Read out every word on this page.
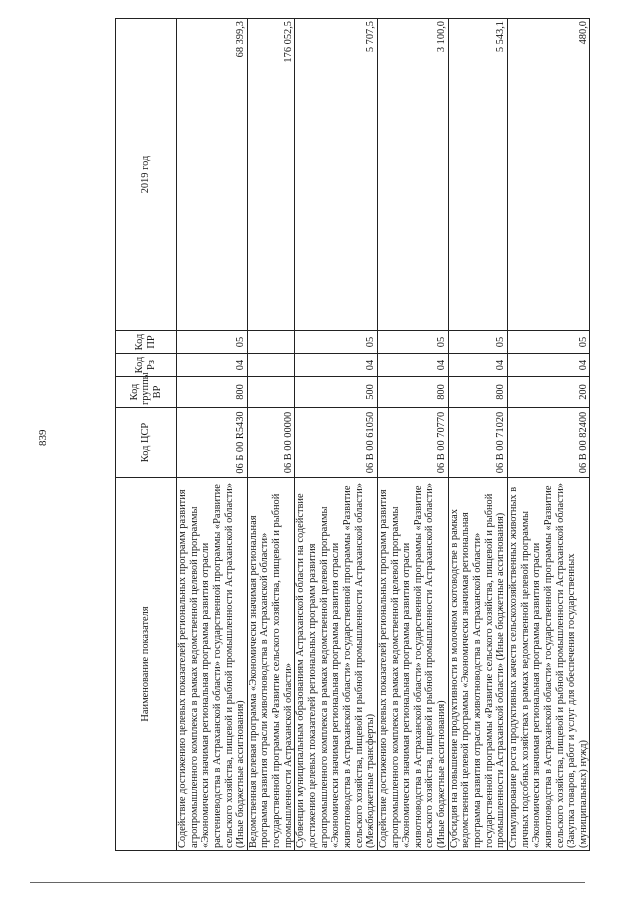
839
Наименование показателя	Код ЦСР	Код группы ВР	Код Рз	Код ПР	2019 год
Содействие достижению целевых показателей региональных программ развития агропромышленного комплекса в рамках ведомственной целевой программы «Экономически значимая региональная программа развития отрасли растениеводства в Астраханской области» государственной программы «Развитие сельского хозяйства, пищевой и рыбной промышленности Астраханской области» (Иные бюджетные ассигнования)	06 Б 00 R5430	800	04	05	68 399,3
Ведомственная целевая программа «Экономически значимая региональная программа развития отрасли животноводства в Астраханской области» государственной программы «Развитие сельского хозяйства, пищевой и рыбной промышленности Астраханской области»	06 В 00 00000				176 052,5
Субвенции муниципальным образованиям Астраханской области на содействие достижению целевых показателей региональных программ развития агропромышленного комплекса в рамках ведомственной целевой программы «Экономически значимая региональная программа развития отрасли животноводства в Астраханской области» государственной программы «Развитие сельского хозяйства, пищевой и рыбной промышленности Астраханской области» (Межбюджетные трансферты)	06 В 00 61050	500	04	05	5 707,5
Содействие достижению целевых показателей региональных программ развития агропромышленного комплекса в рамках ведомственной целевой программы «Экономически значимая региональная программа развития отрасли животноводства в Астраханской области» государственной программы «Развитие сельского хозяйства, пищевой и рыбной промышленности Астраханской области» (Иные бюджетные ассигнования)	06 В 00 70770	800	04	05	3 100,0
Субсидия на повышение продуктивности в молочном скотоводстве в рамках ведомственной целевой программы «Экономически значимая региональная программа развития отрасли животноводства в Астраханской области» государственной программы «Развитие сельского хозяйства, пищевой и рыбной промышленности Астраханской области» (Иные бюджетные ассигнования)	06 В 00 71020	800	04	05	5 543,1
Стимулирование роста продуктивных качеств сельскохозяйственных животных в личных подсобных хозяйствах в рамках ведомственной целевой программы «Экономически значимая региональная программа развития отрасли животноводства в Астраханской области» государственной программы «Развитие сельского хозяйства, пищевой и рыбной промышленности Астраханской области» (Закупка товаров, работ и услуг для обеспечения государственных (муниципальных) нужд)	06 В 00 82400	200	04	05	480,0
